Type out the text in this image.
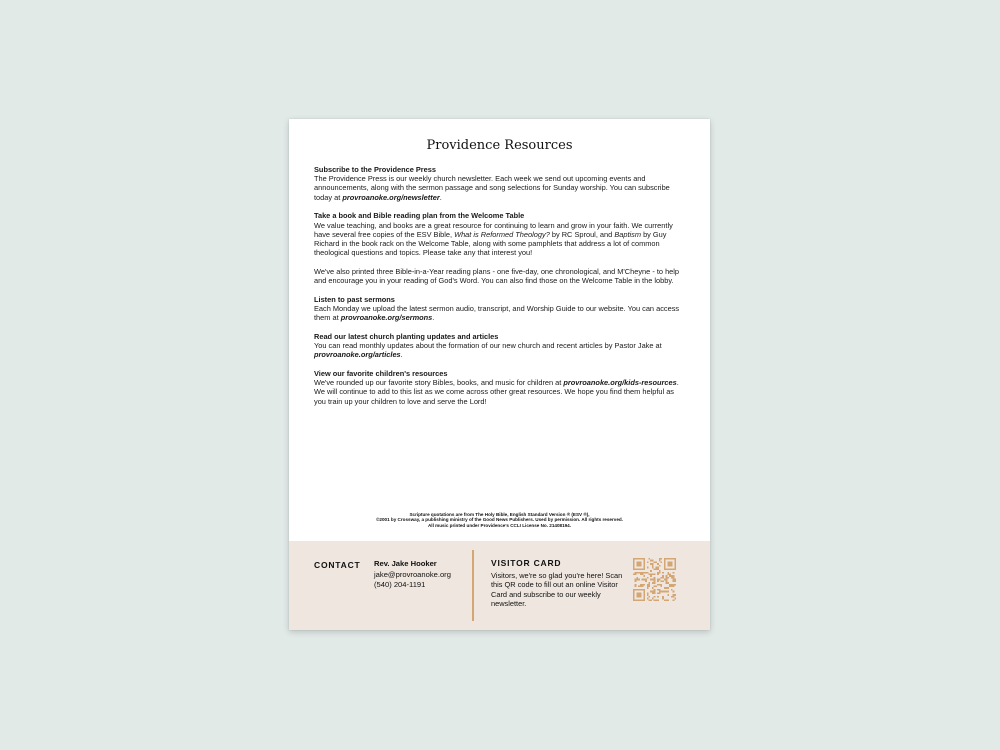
Providence Resources
Subscribe to the Providence Press

The Providence Press is our weekly church newsletter. Each week we send out upcoming events and announcements, along with the sermon passage and song selections for Sunday worship. You can subscribe today at provroanoke.org/newsletter.

Take a book and Bible reading plan from the Welcome Table

We value teaching, and books are a great resource for continuing to learn and grow in your faith. We currently have several free copies of the ESV Bible, What is Reformed Theology? by RC Sproul, and Baptism by Guy Richard in the book rack on the Welcome Table, along with some pamphlets that address a lot of common theological questions and topics. Please take any that interest you!

We've also printed three Bible-in-a-Year reading plans - one five-day, one chronological, and M'Cheyne - to help and encourage you in your reading of God's Word. You can also find those on the Welcome Table in the lobby.

Listen to past sermons

Each Monday we upload the latest sermon audio, transcript, and Worship Guide to our website. You can access them at provroanoke.org/sermons.

Read our latest church planting updates and articles

You can read monthly updates about the formation of our new church and recent articles by Pastor Jake at provroanoke.org/articles.

View our favorite children's resources

We've rounded up our favorite story Bibles, books, and music for children at provroanoke.org/kids-resources. We will continue to add to this list as we come across other great resources. We hope you find them helpful as you train up your children to love and serve the Lord!

Scripture quotations are from The Holy Bible, English Standard Version ® (ESV ®),
©2001 by Crossway, a publishing ministry of the Good News Publishers. Used by permission. All rights reserved.
All music printed under Providence's CCLI License No. 21408194.
CONTACT Rev. Jake Hooker
jake@provroanoke.org
(540) 204-1191
VISITOR CARD
Visitors, we're so glad you're here! Scan this QR code to fill out an online Visitor Card and subscribe to our weekly newsletter.
